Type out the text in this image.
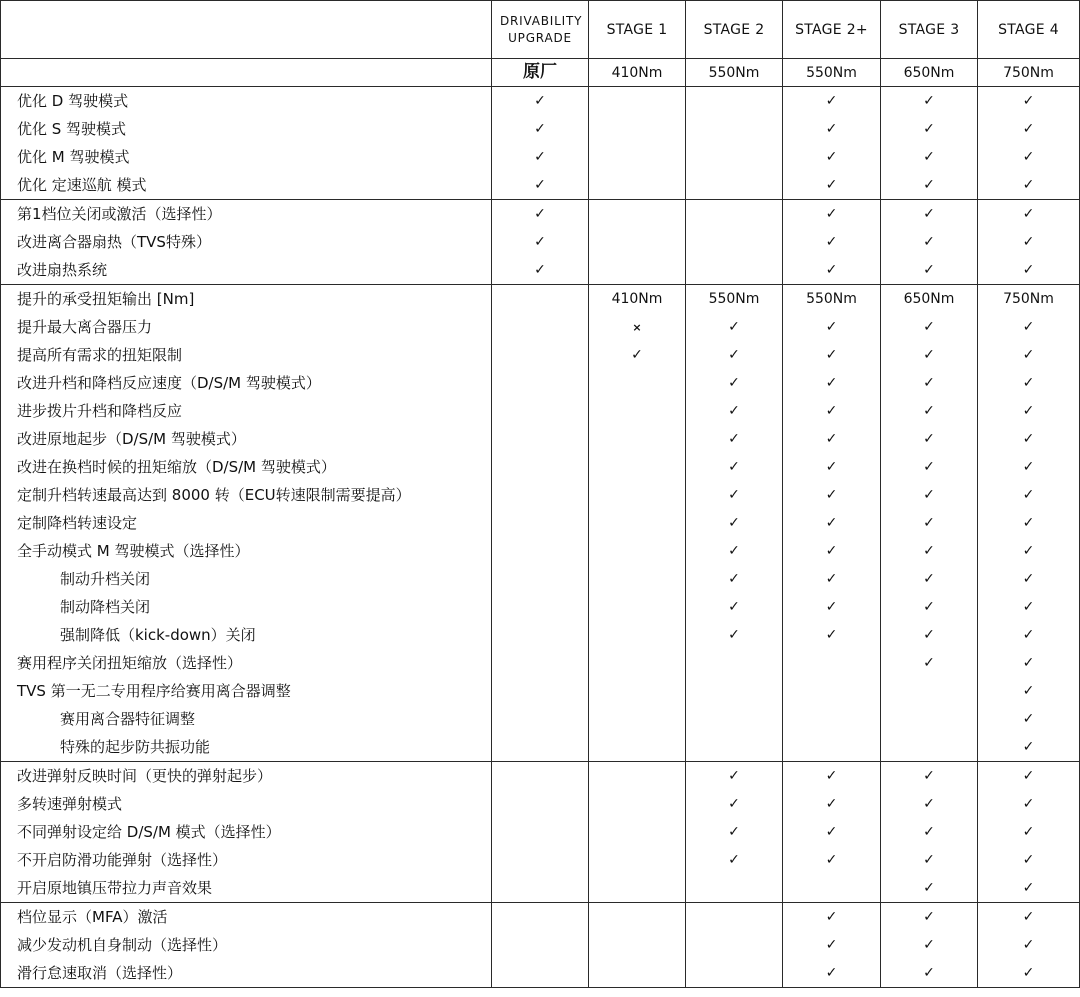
	DRIVABILITY UPGRADE	STAGE 1	STAGE 2	STAGE 2+	STAGE 3	STAGE 4
	原厂	410Nm	550Nm	550Nm	650Nm	750Nm
优化 D 驾驶模式	✓			✓	✓	✓
优化 S 驾驶模式	✓			✓	✓	✓
优化 M 驾驶模式	✓			✓	✓	✓
优化 定速巡航 模式	✓			✓	✓	✓
第1档位关闭或激活（选择性）	✓			✓	✓	✓
改进离合器扇热（TVS特殊）	✓			✓	✓	✓
改进扇热系统	✓			✓	✓	✓
提升的承受扭矩输出 [Nm]		410Nm	550Nm	550Nm	650Nm	750Nm
提升最大离合器压力		×	✓	✓	✓	✓
提高所有需求的扭矩限制		✓	✓	✓	✓	✓
改进升档和降档反应速度（D/S/M 驾驶模式）			✓	✓	✓	✓
进步拨片升档和降档反应			✓	✓	✓	✓
改进原地起步（D/S/M 驾驶模式）			✓	✓	✓	✓
改进在换档时候的扭矩缩放（D/S/M 驾驶模式）			✓	✓	✓	✓
定制升档转速最高达到 8000 转（ECU转速限制需要提高）			✓	✓	✓	✓
定制降档转速设定			✓	✓	✓	✓
全手动模式 M 驾驶模式（选择性）			✓	✓	✓	✓
制动升档关闭			✓	✓	✓	✓
制动降档关闭			✓	✓	✓	✓
强制降低（kick-down）关闭			✓	✓	✓	✓
赛用程序关闭扭矩缩放（选择性）					✓	✓
TVS 第一无二专用程序给赛用离合器调整						✓
赛用离合器特征调整						✓
特殊的起步防共振功能						✓
改进弹射反映时间（更快的弹射起步）			✓	✓	✓	✓
多转速弹射模式			✓	✓	✓	✓
不同弹射设定给 D/S/M 模式（选择性）			✓	✓	✓	✓
不开启防滑功能弹射（选择性）			✓	✓	✓	✓
开启原地镇压带拉力声音效果					✓	✓
档位显示（MFA）激活				✓	✓	✓
减少发动机自身制动（选择性）				✓	✓	✓
滑行怠速取消（选择性）				✓	✓	✓
